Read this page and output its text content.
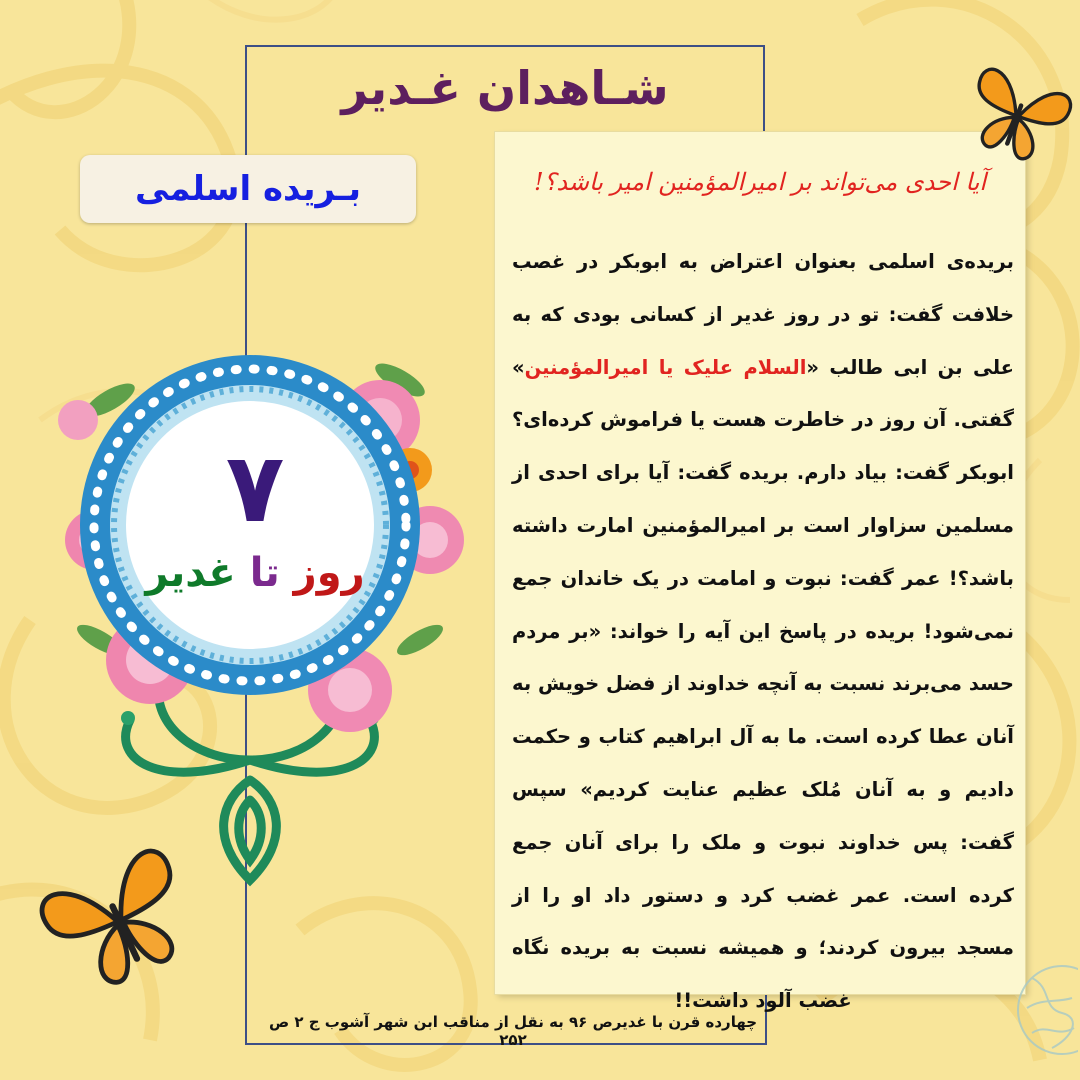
شـاهدان غـدیر
بـریده اسلمی	آیا احدی می‌تواند بر امیرالمؤمنین امیر باشد؟!
بریده‌ی اسلمی بعنوان اعتراض به ابوبکر در غصب خلافت گفت: تو در روز غدیر از کسانی بودی که به علی بن ابی طالب «السلام علیک یا امیرالمؤمنین» گفتی. آن روز در خاطرت هست یا فراموش کرده‌ای؟ ابوبکر گفت: بیاد دارم. بریده گفت: آیا برای احدی از مسلمین سزاوار است بر امیرالمؤمنین امارت داشته باشد؟! عمر گفت: نبوت و امامت در یک خاندان جمع نمی‌شود! بریده در پاسخ این آیه را خواند: «بر مردم حسد می‌برند نسبت به آنچه خداوند از فضل خویش به آنان عطا کرده است. ما به آل ابراهیم کتاب و حکمت دادیم و به آنان مُلک عظیم عنایت کردیم» سپس گفت: پس خداوند نبوت و ملک را برای آنان جمع کرده است. عمر غضب کرد و دستور داد او را از مسجد بیرون کردند؛ و همیشه نسبت به بریده نگاه غضب آلود داشت!!
چهارده قرن با غدیرص ۹۶ به نقل از مناقب ابن شهر آشوب ج ۲ ص ۲۵۲
۷
روز تا غدیر
